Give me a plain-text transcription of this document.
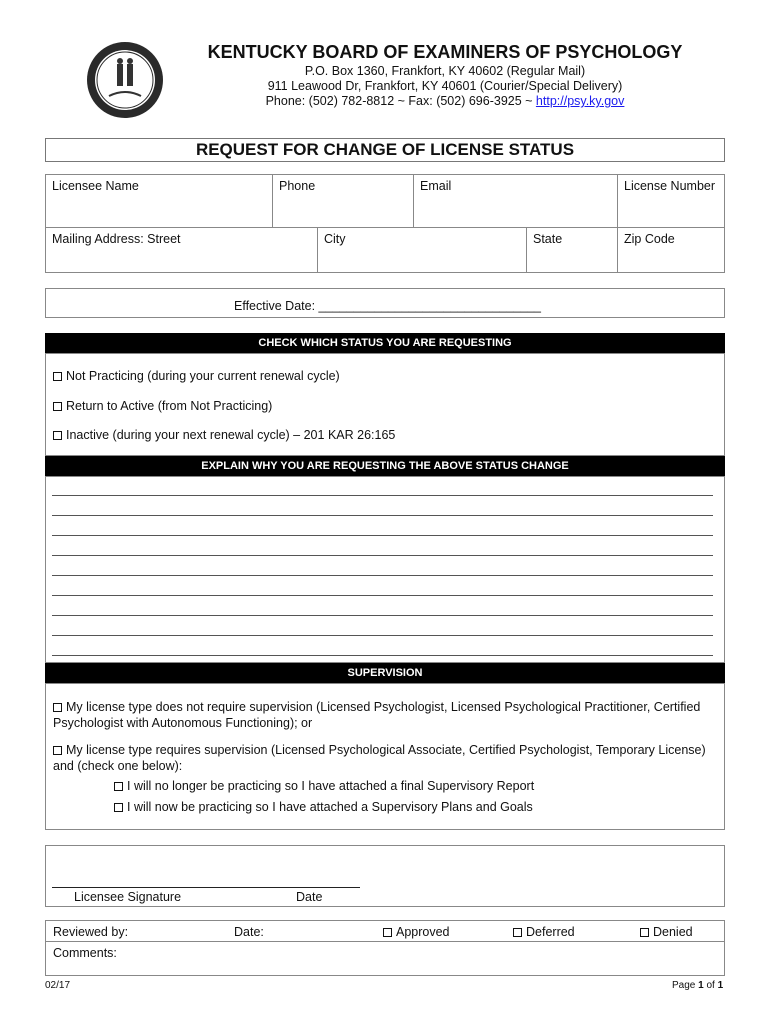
KENTUCKY BOARD OF EXAMINERS OF PSYCHOLOGY
P.O. Box 1360, Frankfort, KY 40602 (Regular Mail)
911 Leawood Dr, Frankfort, KY 40601 (Courier/Special Delivery)
Phone: (502) 782-8812 ~ Fax: (502) 696-3925 ~ http://psy.ky.gov
REQUEST FOR CHANGE OF LICENSE STATUS
Licensee Name	Phone	Email	License Number
Mailing Address: Street	City	State	Zip Code
Effective Date: ________________________________
CHECK WHICH STATUS YOU ARE REQUESTING
Not Practicing (during your current renewal cycle)
Return to Active (from Not Practicing)
Inactive (during your next renewal cycle) – 201 KAR 26:165
EXPLAIN WHY YOU ARE REQUESTING THE ABOVE STATUS CHANGE
SUPERVISION
My license type does not require supervision (Licensed Psychologist, Licensed Psychological Practitioner, Certified Psychologist with Autonomous Functioning); or
My license type requires supervision (Licensed Psychological Associate, Certified Psychologist, Temporary License) and (check one below):
I will no longer be practicing so I have attached a final Supervisory Report
I will now be practicing so I have attached a Supervisory Plans and Goals
Licensee Signature	Date
Reviewed by:	Date:	Approved	Deferred	Denied
Comments:
02/17	Page 1 of 1
